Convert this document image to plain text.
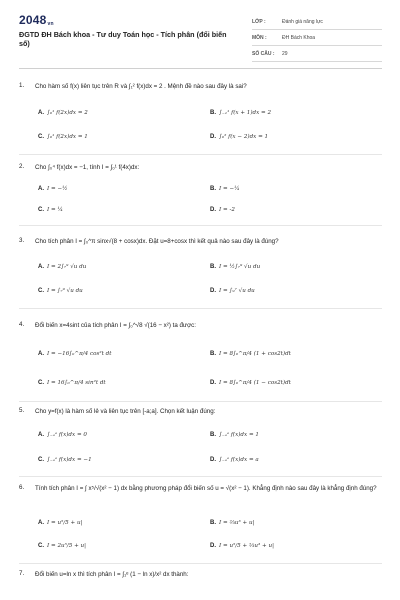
2048vn
ĐGTD ĐH Bách khoa - Tư duy Toán học - Tích phân (đổi biến số)
LỚP :	Đánh giá năng lực
MÔN :	ĐH Bách Khoa
SỐ CÂU : 29
1.	Cho hàm số f(x) liên tục trên R và ∫₁² f(x)dx = 2 . Mệnh đề nào sau đây là sai?
A. ∫₀¹ f(2x)dx = 2	B. ∫₋₁¹ f(x + 1)dx = 2
C. ∫₀¹ f(2x)dx = 1	D. ∫₀² f(x − 2)dx = 1
2.	Cho ∫₀⁴ f(x)dx = −1, tính I = ∫₀¹ f(4x)dx:
A. I = −½	B. I = −¼
C. I = ¼	D. I = -2
3.	Cho tích phân I = ∫₀^π sinx√(8 + cosx)dx. Đặt u=8+cosx thì kết quả nào sau đây là đúng?
A. I = 2∫₇⁹ √u du	B. I = ½∫₇⁹ √u du
C. I = ∫₇⁹ √u du	D. I = ∫₉⁷ √u du
4.	Đổi biến x=4sint của tích phân I = ∫₀^√8 √(16 − x²) ta được:
A. I = −16∫₀^π/4 cos²t dt	B. I = 8∫₀^π/4 (1 + cos2t)dt
C. I = 16∫₀^π/4 sin²t dt	D. I = 8∫₀^π/4 (1 − cos2t)dt
5.	Cho y=f(x) là hàm số lẻ và liên tục trên [-a;a]. Chọn kết luận đúng:
A. ∫₋ₐᵃ f(x)dx = 0	B. ∫₋ₐᵃ f(x)dx = 1
C. ∫₋ₐᵃ f(x)dx = −1	D. ∫₋ₐᵃ f(x)dx = a
6.	Tính tích phân I = ∫ x⁵/√(x² − 1) dx bằng phương pháp đổi biến số u = √(x² − 1). Khẳng định nào sau đây là khẳng định đúng?
A. I = u⁵/5 + u|	B. I = ⅔u³ + u|
C. I = 2u⁵/5 + u|	D. I = u⁵/5 + ⅔u³ + u|
7.	Đổi biến u=ln x thì tích phân I = ∫₁ᵉ (1 − ln x)/x² dx thành:
